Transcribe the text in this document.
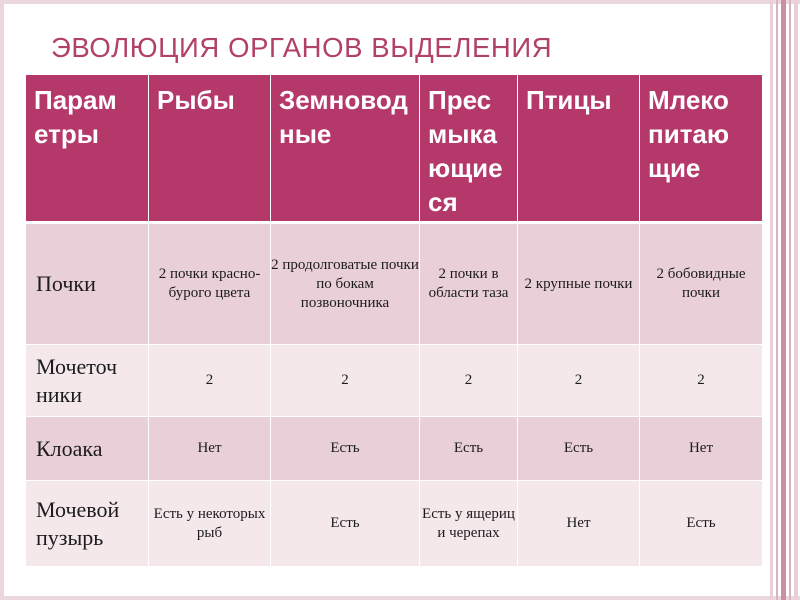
ЭВОЛЮЦИЯ ОРГАНОВ ВЫДЕЛЕНИЯ
Парам етры	Рыбы	Земновод ные	Прес мыка ющие ся	Птицы	Млеко питаю щие
Почки	2 почки красно-бурого цвета	2 продолговатые почки по бокам позвоночника	2 почки в области таза	2 крупные почки	2 бобовидные почки
Мочеточ ники	2	2	2	2	2
Клоака	Нет	Есть	Есть	Есть	Нет
Мочевой пузырь	Есть у некоторых рыб	Есть	Есть у ящериц и черепах	Нет	Есть
